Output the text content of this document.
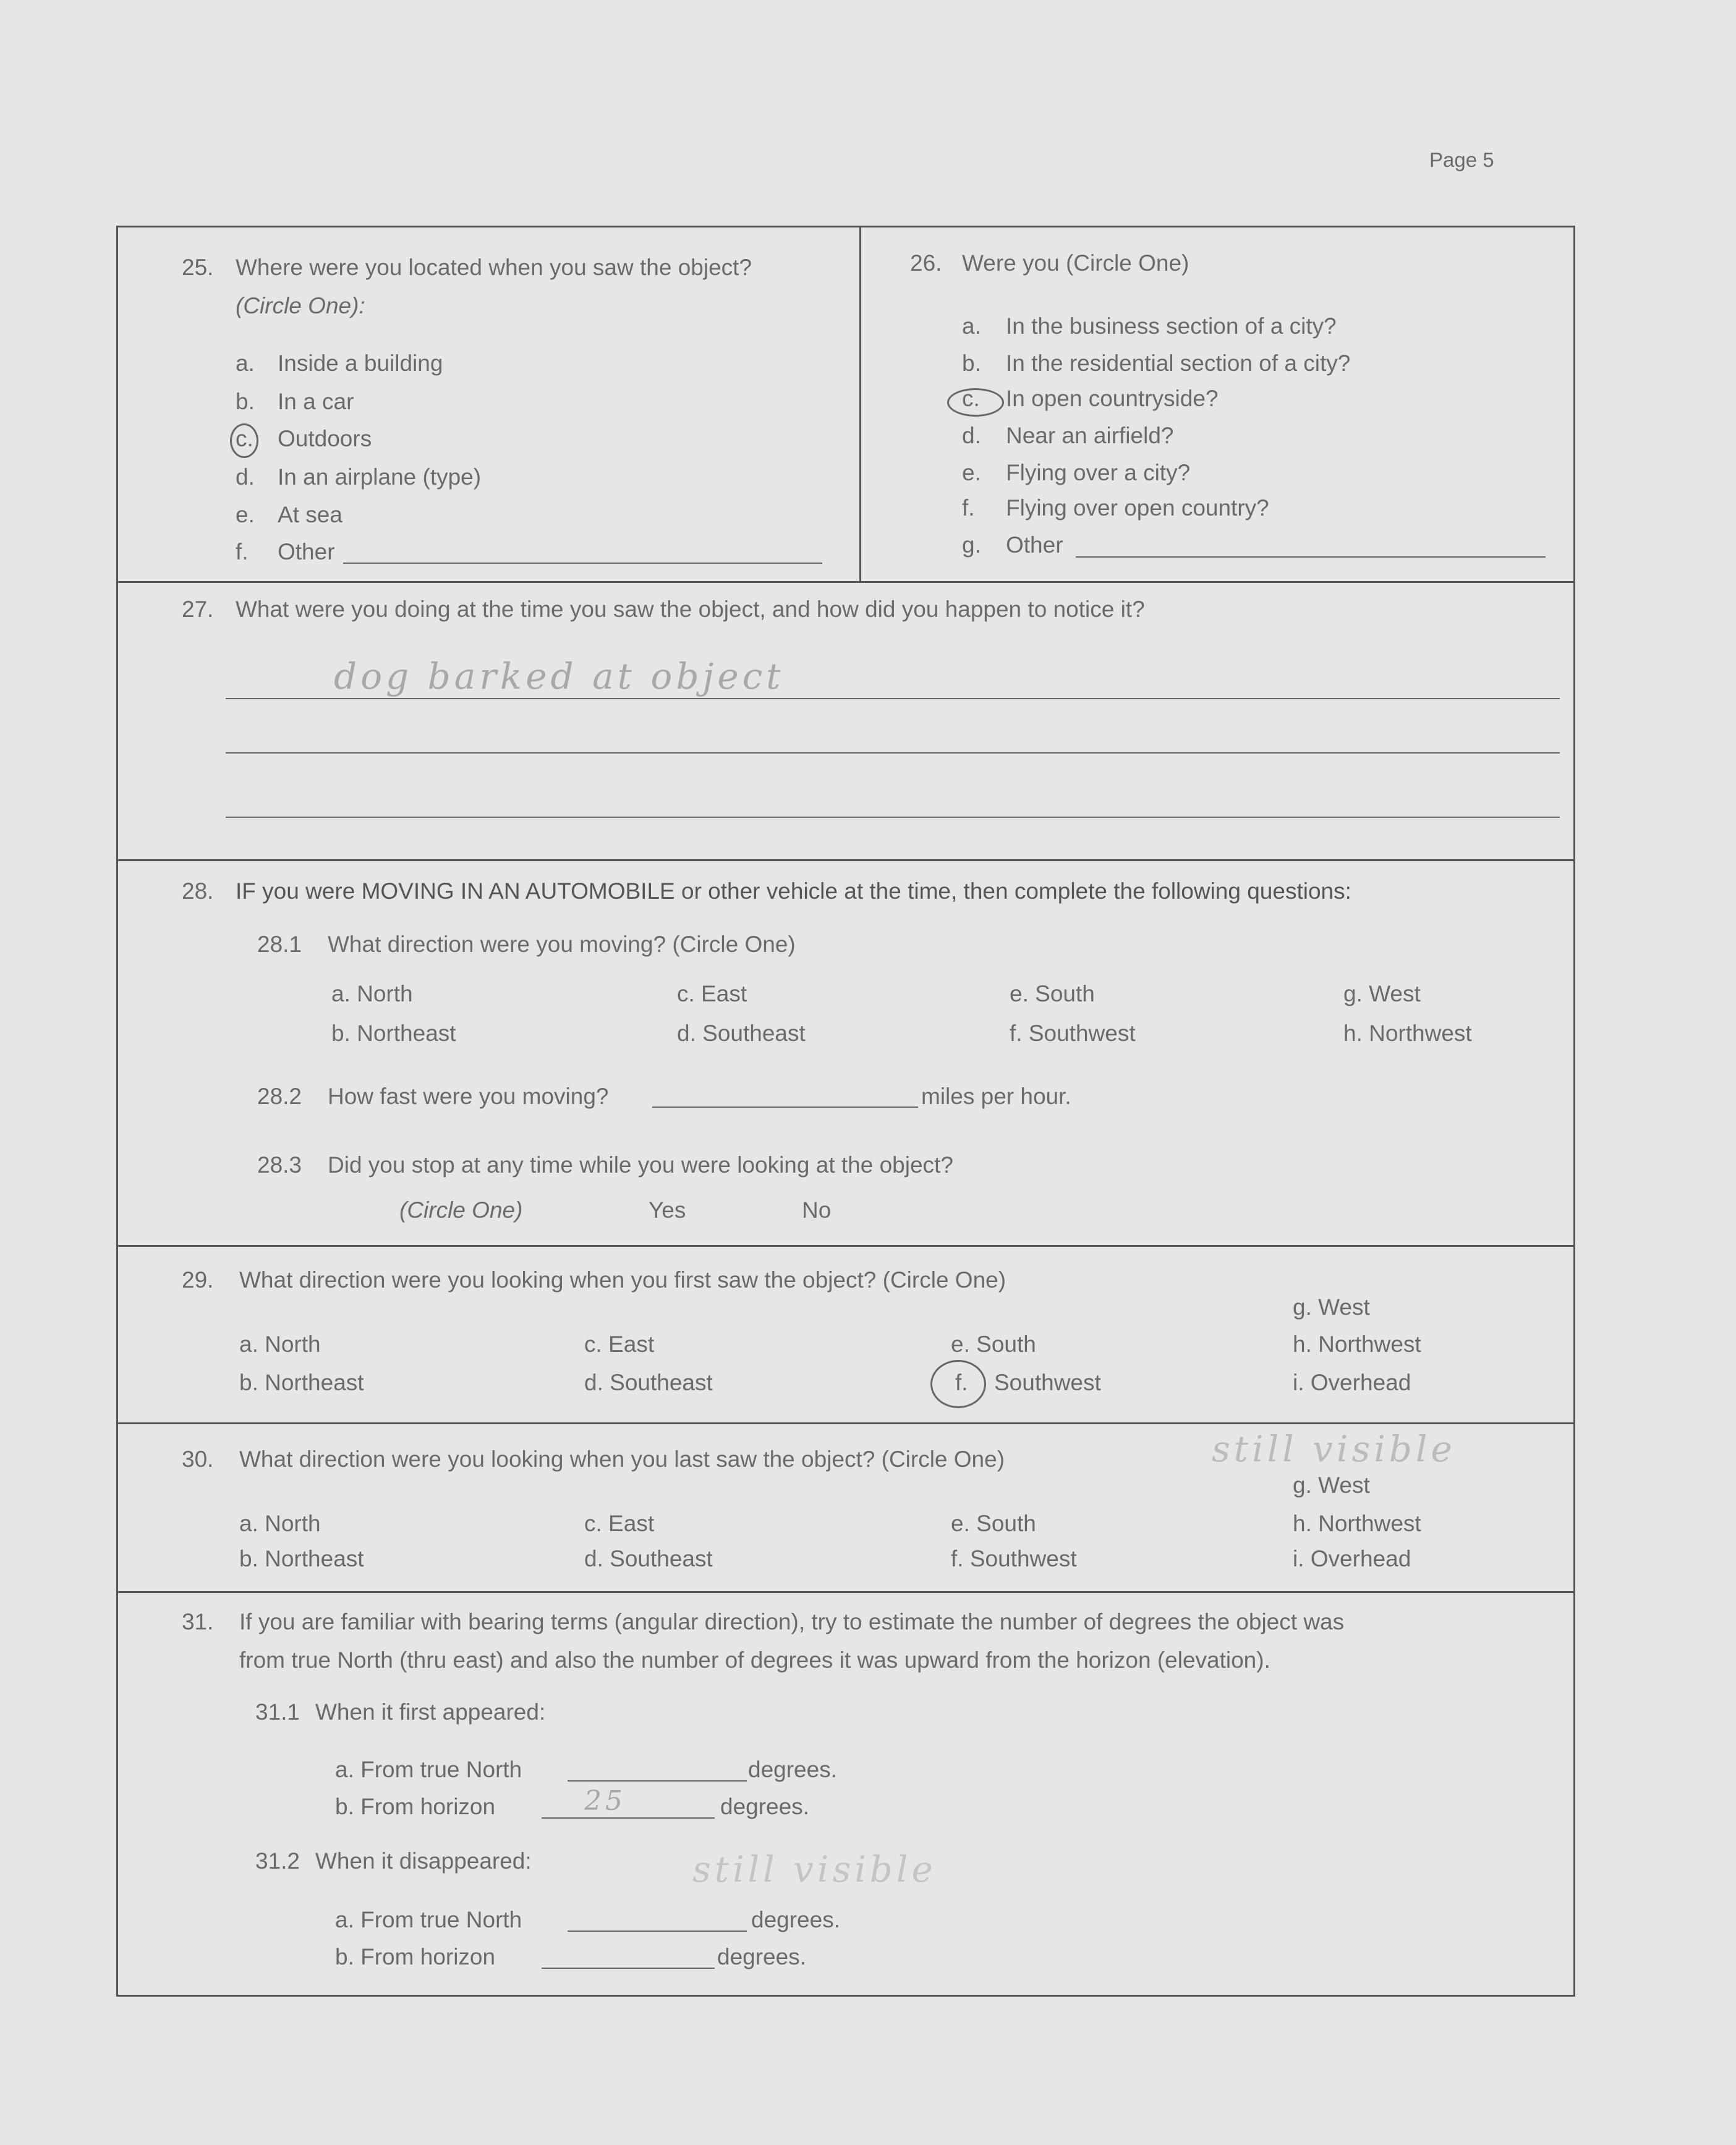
Page 5
25. Where were you located when you saw the object?
(Circle One):
a. Inside a building
b. In a car
c. Outdoors
d. In an airplane (type)
e. At sea
f. Other
26. Were you (Circle One)
a. In the business section of a city?
b. In the residential section of a city?
c. In open countryside?
d. Near an airfield?
e. Flying over a city?
f. Flying over open country?
g. Other
27. What were you doing at the time you saw the object, and how did you happen to notice it?
dog barked at object
28. IF you were MOVING IN AN AUTOMOBILE or other vehicle at the time, then complete the following questions:
28.1 What direction were you moving? (Circle One)
a. North	c. East	e. South	g. West
b. Northeast	d. Southeast	f. Southwest	h. Northwest
28.2 How fast were you moving?	miles per hour.
28.3 Did you stop at any time while you were looking at the object?
(Circle One)	Yes	No
29. What direction were you looking when you first saw the object? (Circle One)
g. West
a. North	c. East	e. South	h. Northwest
b. Northeast	d. Southeast	f. Southwest	i. Overhead
30. What direction were you looking when you last saw the object? (Circle One)	still visible
g. West
a. North	c. East	e. South	h. Northwest
b. Northeast	d. Southeast	f. Southwest	i. Overhead
31. If you are familiar with bearing terms (angular direction), try to estimate the number of degrees the object was
from true North (thru east) and also the number of degrees it was upward from the horizon (elevation).
31.1 When it first appeared:
a. From true North	degrees.
b. From horizon	25	degrees.
31.2 When it disappeared:	still visible
a. From true North	degrees.
b. From horizon	degrees.
